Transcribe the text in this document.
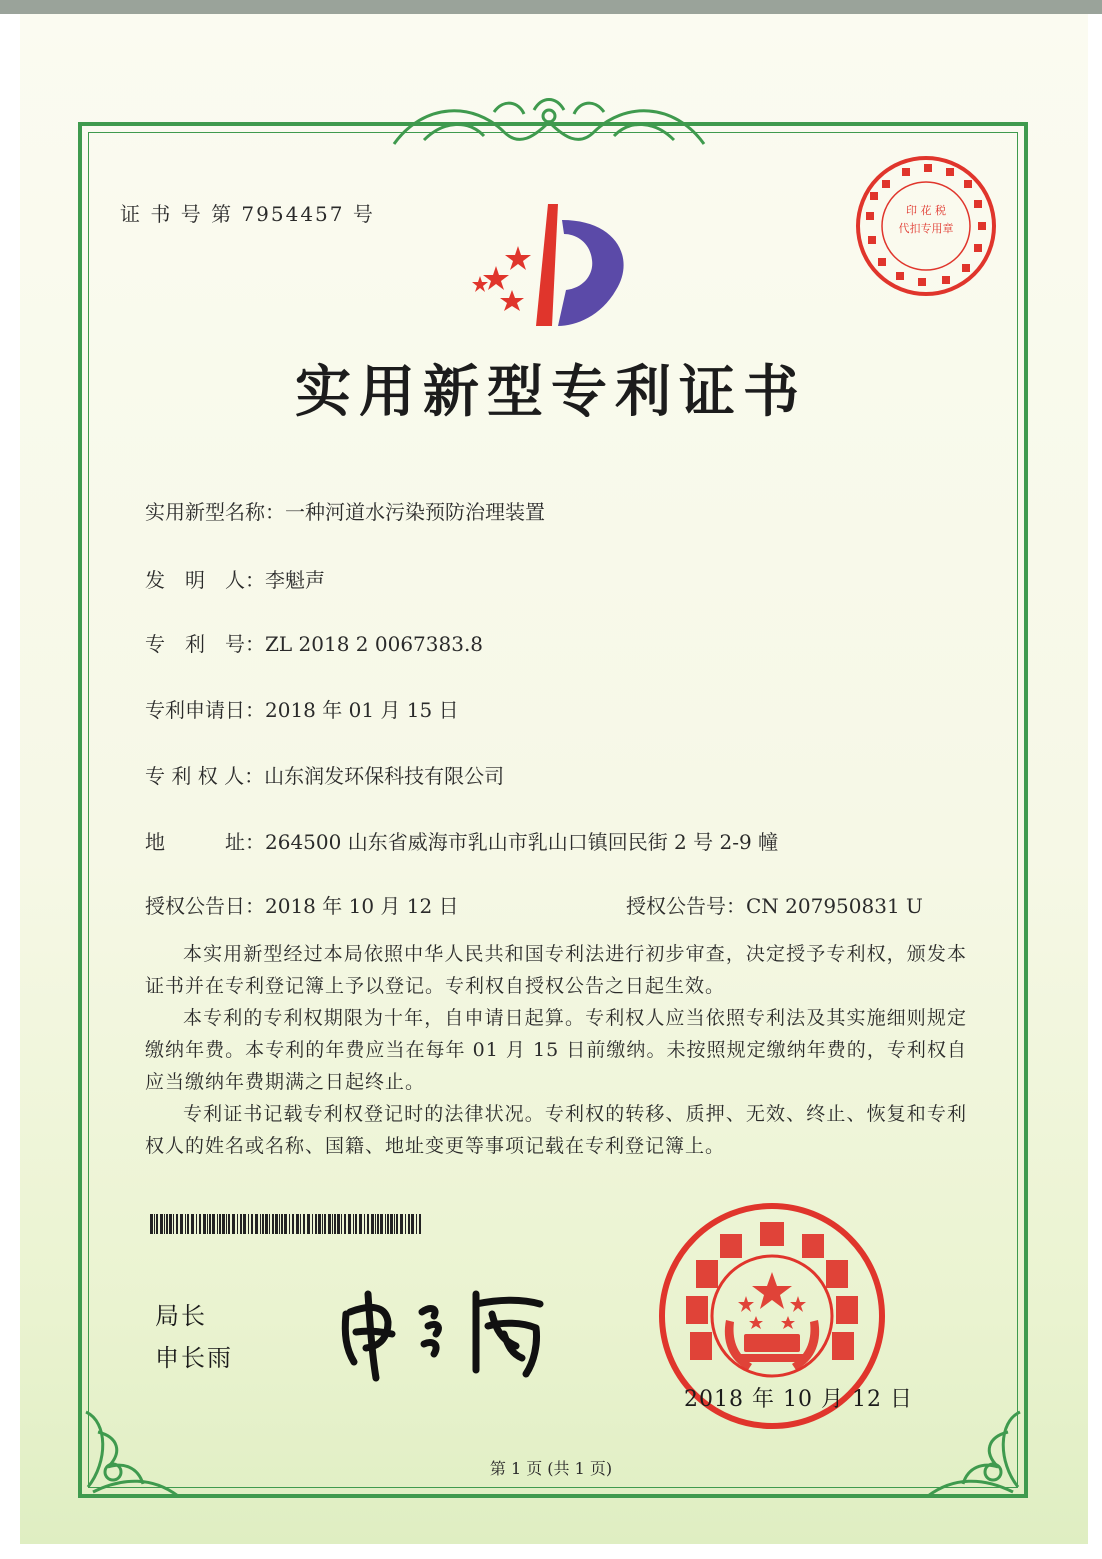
证 书 号 第 7954457 号	印 花 税
代扣专用章
实用新型专利证书
实用新型名称：一种河道水污染预防治理装置
发　明　人：李魁声
专　利　号：ZL 2018 2 0067383.8
专利申请日：2018 年 01 月 15 日
专 利 权 人：山东润发环保科技有限公司
地　　　址：264500 山东省威海市乳山市乳山口镇回民街 2 号 2-9 幢
授权公告日：2018 年 10 月 12 日	授权公告号：CN 207950831 U

本实用新型经过本局依照中华人民共和国专利法进行初步审查，决定授予专利权，颁发本证书并在专利登记簿上予以登记。专利权自授权公告之日起生效。

本专利的专利权期限为十年，自申请日起算。专利权人应当依照专利法及其实施细则规定缴纳年费。本专利的年费应当在每年 01 月 15 日前缴纳。未按照规定缴纳年费的，专利权自应当缴纳年费期满之日起终止。

专利证书记载专利权登记时的法律状况。专利权的转移、质押、无效、终止、恢复和专利权人的姓名或名称、国籍、地址变更等事项记载在专利登记簿上。

局长
申长雨
2018 年 10 月 12 日
第 1 页 (共 1 页)
